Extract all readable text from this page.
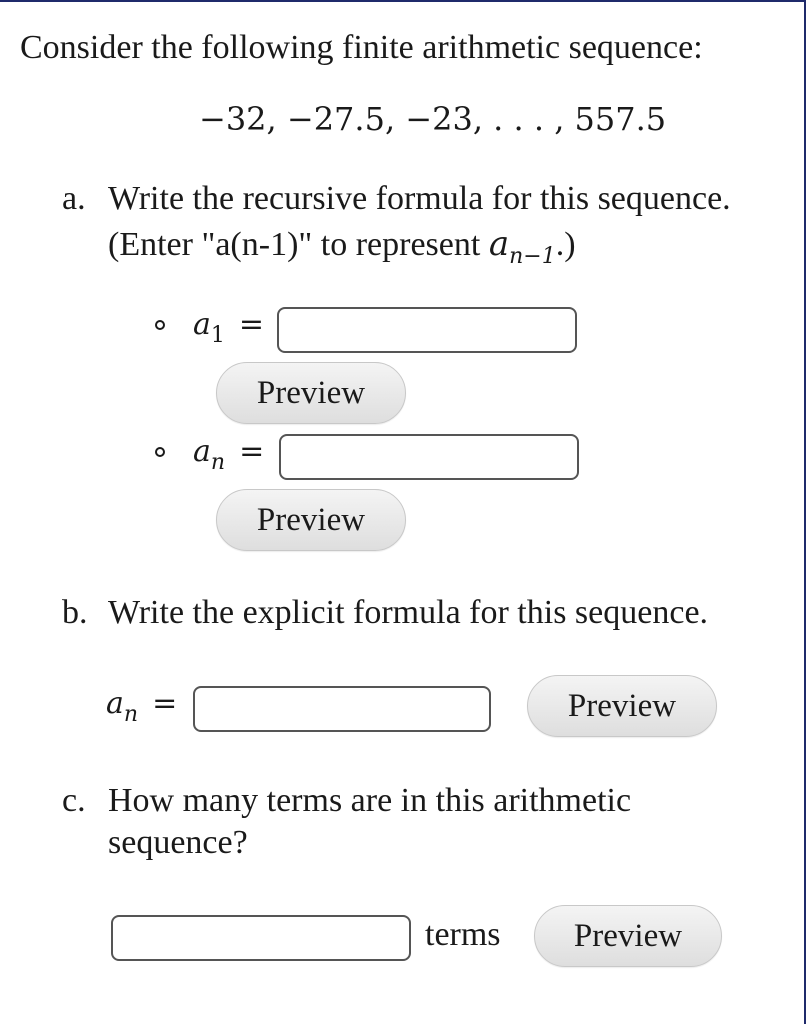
Consider the following finite arithmetic sequence:
−32, −27.5, −23, . . . , 557.5
a. Write the recursive formula for this sequence.
(Enter "a(n-1)" to represent $a_{n-1}$.)
$a_1$ =
Preview
$a_n$ =
Preview
b. Write the explicit formula for this sequence.
$a_n$ =	Preview
c. How many terms are in this arithmetic
sequence?
terms	Preview
